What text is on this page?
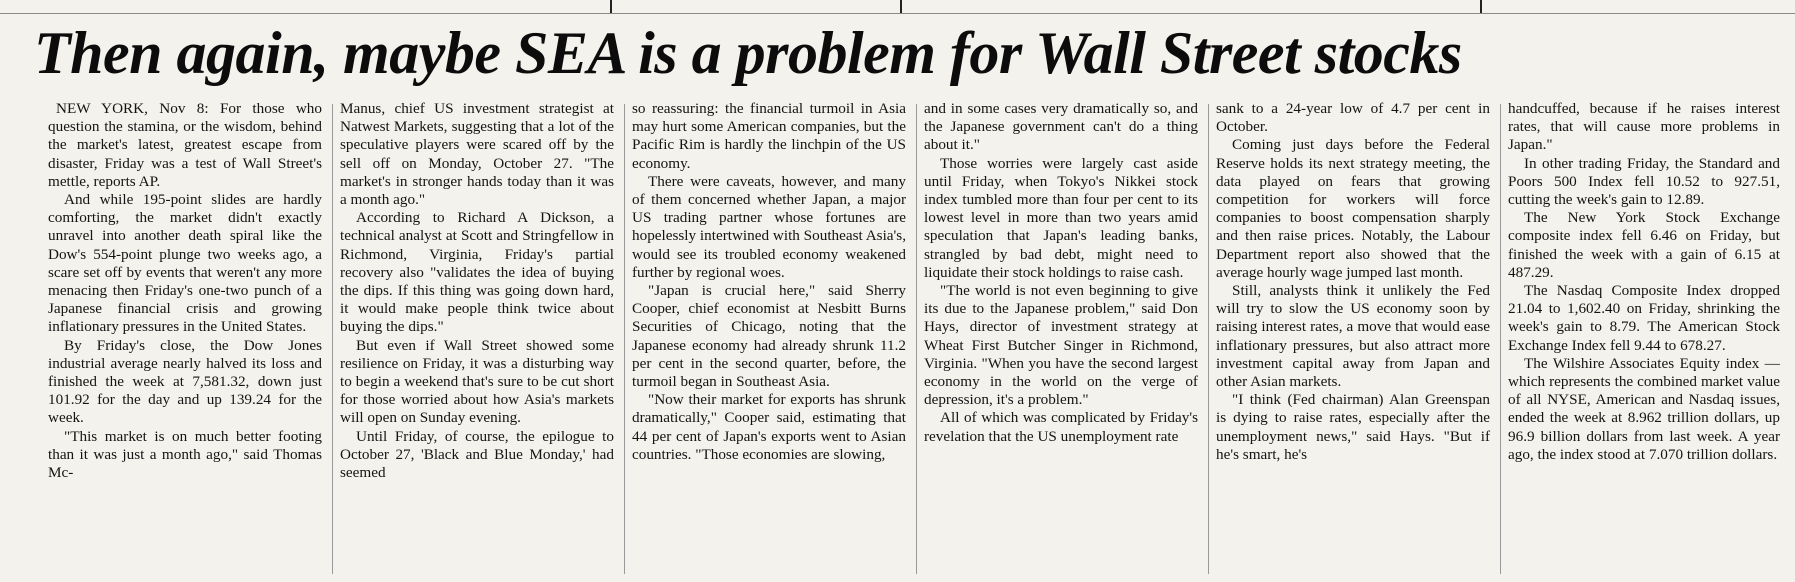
Then again, maybe SEA is a problem for Wall Street stocks

NEW YORK, Nov 8: For those who question the stamina, or the wisdom, behind the market's latest, greatest escape from disaster, Friday was a test of Wall Street's mettle, reports AP.

And while 195-point slides are hardly comforting, the market didn't exactly unravel into another death spiral like the Dow's 554-point plunge two weeks ago, a scare set off by events that weren't any more menacing then Friday's one-two punch of a Japanese financial crisis and growing inflationary pressures in the United States.

By Friday's close, the Dow Jones industrial average nearly halved its loss and finished the week at 7,581.32, down just 101.92 for the day and up 139.24 for the week.

"This market is on much better footing than it was just a month ago," said Thomas Mc-

Manus, chief US investment strategist at Natwest Markets, suggesting that a lot of the speculative players were scared off by the sell off on Monday, October 27. "The market's in stronger hands today than it was a month ago."

According to Richard A Dickson, a technical analyst at Scott and Stringfellow in Richmond, Virginia, Friday's partial recovery also "validates the idea of buying the dips. If this thing was going down hard, it would make people think twice about buying the dips."

But even if Wall Street showed some resilience on Friday, it was a disturbing way to begin a weekend that's sure to be cut short for those worried about how Asia's markets will open on Sunday evening.

Until Friday, of course, the epilogue to October 27, 'Black and Blue Monday,' had seemed

so reassuring: the financial turmoil in Asia may hurt some American companies, but the Pacific Rim is hardly the linchpin of the US economy.

There were caveats, however, and many of them concerned whether Japan, a major US trading partner whose fortunes are hopelessly intertwined with Southeast Asia's, would see its troubled economy weakened further by regional woes.

"Japan is crucial here," said Sherry Cooper, chief economist at Nesbitt Burns Securities of Chicago, noting that the Japanese economy had already shrunk 11.2 per cent in the second quarter, before, the turmoil began in Southeast Asia.

"Now their market for exports has shrunk dramatically," Cooper said, estimating that 44 per cent of Japan's exports went to Asian countries. "Those economies are slowing,

and in some cases very dramatically so, and the Japanese government can't do a thing about it."

Those worries were largely cast aside until Friday, when Tokyo's Nikkei stock index tumbled more than four per cent to its lowest level in more than two years amid speculation that Japan's leading banks, strangled by bad debt, might need to liquidate their stock holdings to raise cash.

"The world is not even beginning to give its due to the Japanese problem," said Don Hays, director of investment strategy at Wheat First Butcher Singer in Richmond, Virginia. "When you have the second largest economy in the world on the verge of depression, it's a problem."

All of which was complicated by Friday's revelation that the US unemployment rate

sank to a 24-year low of 4.7 per cent in October.

Coming just days before the Federal Reserve holds its next strategy meeting, the data played on fears that growing competition for workers will force companies to boost compensation sharply and then raise prices. Notably, the Labour Department report also showed that the average hourly wage jumped last month.

Still, analysts think it unlikely the Fed will try to slow the US economy soon by raising interest rates, a move that would ease inflationary pressures, but also attract more investment capital away from Japan and other Asian markets.

"I think (Fed chairman) Alan Greenspan is dying to raise rates, especially after the unemployment news," said Hays. "But if he's smart, he's

handcuffed, because if he raises interest rates, that will cause more problems in Japan."

In other trading Friday, the Standard and Poors 500 Index fell 10.52 to 927.51, cutting the week's gain to 12.89.

The New York Stock Exchange composite index fell 6.46 on Friday, but finished the week with a gain of 6.15 at 487.29.

The Nasdaq Composite Index dropped 21.04 to 1,602.40 on Friday, shrinking the week's gain to 8.79. The American Stock Exchange Index fell 9.44 to 678.27.

The Wilshire Associates Equity index — which represents the combined market value of all NYSE, American and Nasdaq issues, ended the week at 8.962 trillion dollars, up 96.9 billion dollars from last week. A year ago, the index stood at 7.070 trillion dollars.
